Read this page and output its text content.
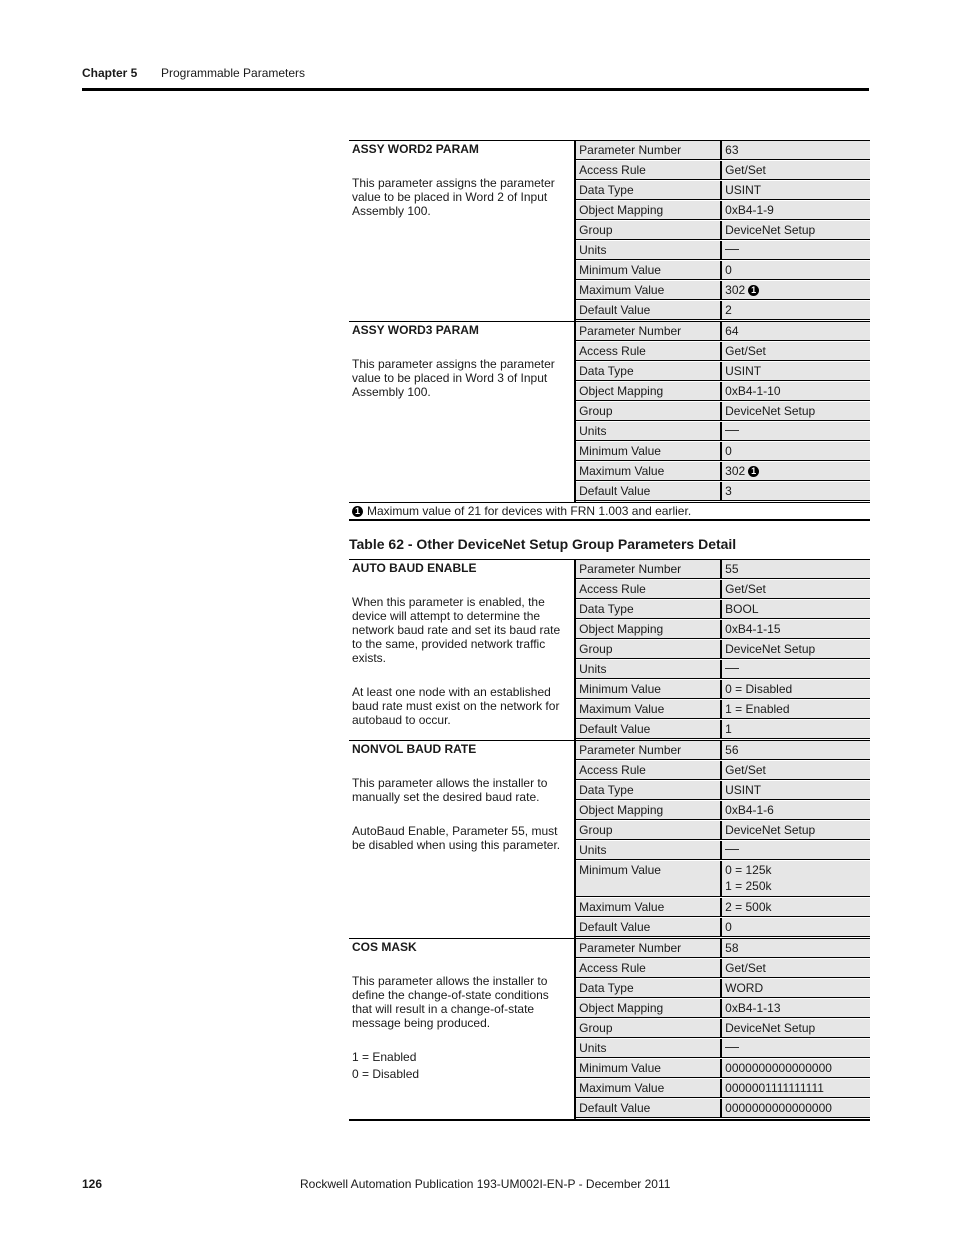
Chapter 5 Programmable Parameters
ASSY WORD2 PARAM
This parameter assigns the parameter value to be placed in Word 2 of Input Assembly 100.
Parameter Number	63
Access Rule	Get/Set
Data Type	USINT
Object Mapping	0xB4-1-9
Group	DeviceNet Setup
Units
Minimum Value	0
Maximum Value	302 1
Default Value	2
ASSY WORD3 PARAM
This parameter assigns the parameter value to be placed in Word 3 of Input Assembly 100.
Parameter Number	64
Access Rule	Get/Set
Data Type	USINT
Object Mapping	0xB4-1-10
Group	DeviceNet Setup
Units
Minimum Value	0
Maximum Value	302 1
Default Value	3
1 Maximum value of 21 for devices with FRN 1.003 and earlier.
Table 62 - Other DeviceNet Setup Group Parameters Detail
AUTO BAUD ENABLE
When this parameter is enabled, the device will attempt to determine the network baud rate and set its baud rate to the same, provided network traffic exists.
At least one node with an established baud rate must exist on the network for autobaud to occur.
Parameter Number	55
Access Rule	Get/Set
Data Type	BOOL
Object Mapping	0xB4-1-15
Group	DeviceNet Setup
Units
Minimum Value	0 = Disabled
Maximum Value	1 = Enabled
Default Value	1
NONVOL BAUD RATE
This parameter allows the installer to manually set the desired baud rate.
AutoBaud Enable, Parameter 55, must be disabled when using this parameter.
Parameter Number	56
Access Rule	Get/Set
Data Type	USINT
Object Mapping	0xB4-1-6
Group	DeviceNet Setup
Units
Minimum Value	0 = 125k
1 = 250k
Maximum Value	2 = 500k
Default Value	0
COS MASK
This parameter allows the installer to define the change-of-state conditions that will result in a change-of-state message being produced.
1 = Enabled
0 = Disabled
Parameter Number	58
Access Rule	Get/Set
Data Type	WORD
Object Mapping	0xB4-1-13
Group	DeviceNet Setup
Units
Minimum Value	0000000000000000
Maximum Value	0000001111111111
Default Value	0000000000000000
126	Rockwell Automation Publication 193-UM002I-EN-P - December 2011
